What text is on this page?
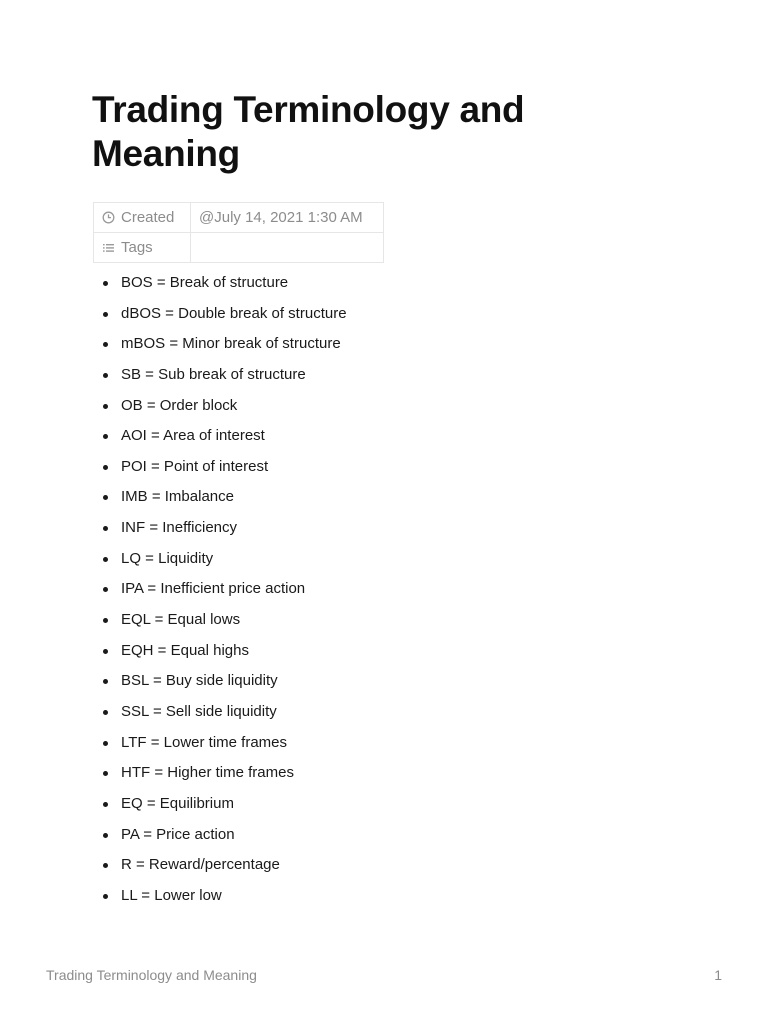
Trading Terminology and Meaning
Created	@July 14, 2021 1:30 AM

Tags	
BOS = Break of structure
dBOS = Double break of structure
mBOS = Minor break of structure
SB = Sub break of structure
OB = Order block
AOI = Area of interest
POI = Point of interest
IMB = Imbalance
INF = Inefficiency
LQ = Liquidity
IPA = Inefficient price action
EQL = Equal lows
EQH = Equal highs
BSL = Buy side liquidity
SSL = Sell side liquidity
LTF = Lower time frames
HTF = Higher time frames
EQ = Equilibrium
PA = Price action
R = Reward/percentage
LL = Lower low
Trading Terminology and Meaning	1
